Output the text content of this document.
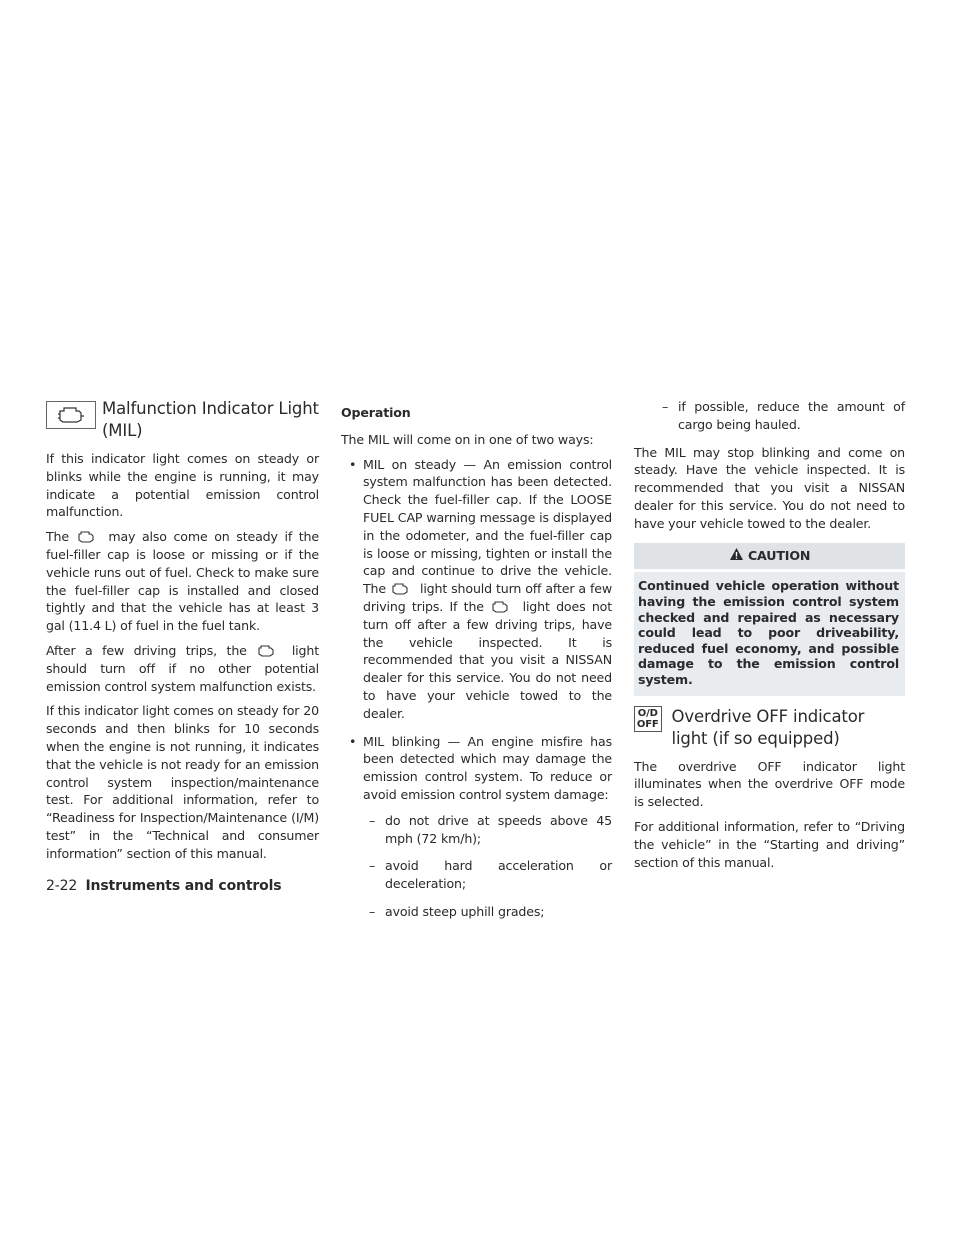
Malfunction Indicator Light (MIL)

If this indicator light comes on steady or blinks while the engine is running, it may indicate a potential emission control malfunction.

The	may also come on steady if the fuel-filler cap is loose or missing or if the vehicle runs out of fuel. Check to make sure the fuel-filler cap is installed and closed tightly and that the vehicle has at least 3 gal (11.4 L) of fuel in the fuel tank.

After a few driving trips, the	light should turn off if no other potential emission control system malfunction exists.

If this indicator light comes on steady for 20 seconds and then blinks for 10 seconds when the engine is not running, it indicates that the vehicle is not ready for an emission control system inspection/maintenance test. For additional information, refer to “Readiness for Inspection/Maintenance (I/M) test” in the “Technical and consumer information” section of this manual.

Operation

The MIL will come on in one of two ways:

• MIL on steady — An emission control system malfunction has been detected. Check the fuel-filler cap. If the LOOSE FUEL CAP warning message is displayed in the odometer, and the fuel-filler cap is loose or missing, tighten or install the cap and continue to drive the vehicle. The	light should turn off after a few driving trips. If the	light does not turn off after a few driving trips, have the vehicle inspected. It is recommended that you visit a NISSAN dealer for this service. You do not need to have your vehicle towed to the dealer.
• MIL blinking — An engine misfire has been detected which may damage the emission control system. To reduce or avoid emission control system damage:
– do not drive at speeds above 45 mph (72 km/h);
– avoid hard acceleration or deceleration;
– avoid steep uphill grades;
– if possible, reduce the amount of cargo being hauled.

The MIL may stop blinking and come on steady. Have the vehicle inspected. It is recommended that you visit a NISSAN dealer for this service. You do not need to have your vehicle towed to the dealer.

CAUTION
Continued vehicle operation without having the emission control system checked and repaired as necessary could lead to poor driveability, reduced fuel economy, and possible damage to the emission control system.
O/D
OFF Overdrive OFF indicator light (if so equipped)

The overdrive OFF indicator light illuminates when the overdrive OFF mode is selected.

For additional information, refer to “Driving the vehicle” in the “Starting and driving” section of this manual.

2-22 Instruments and controls
